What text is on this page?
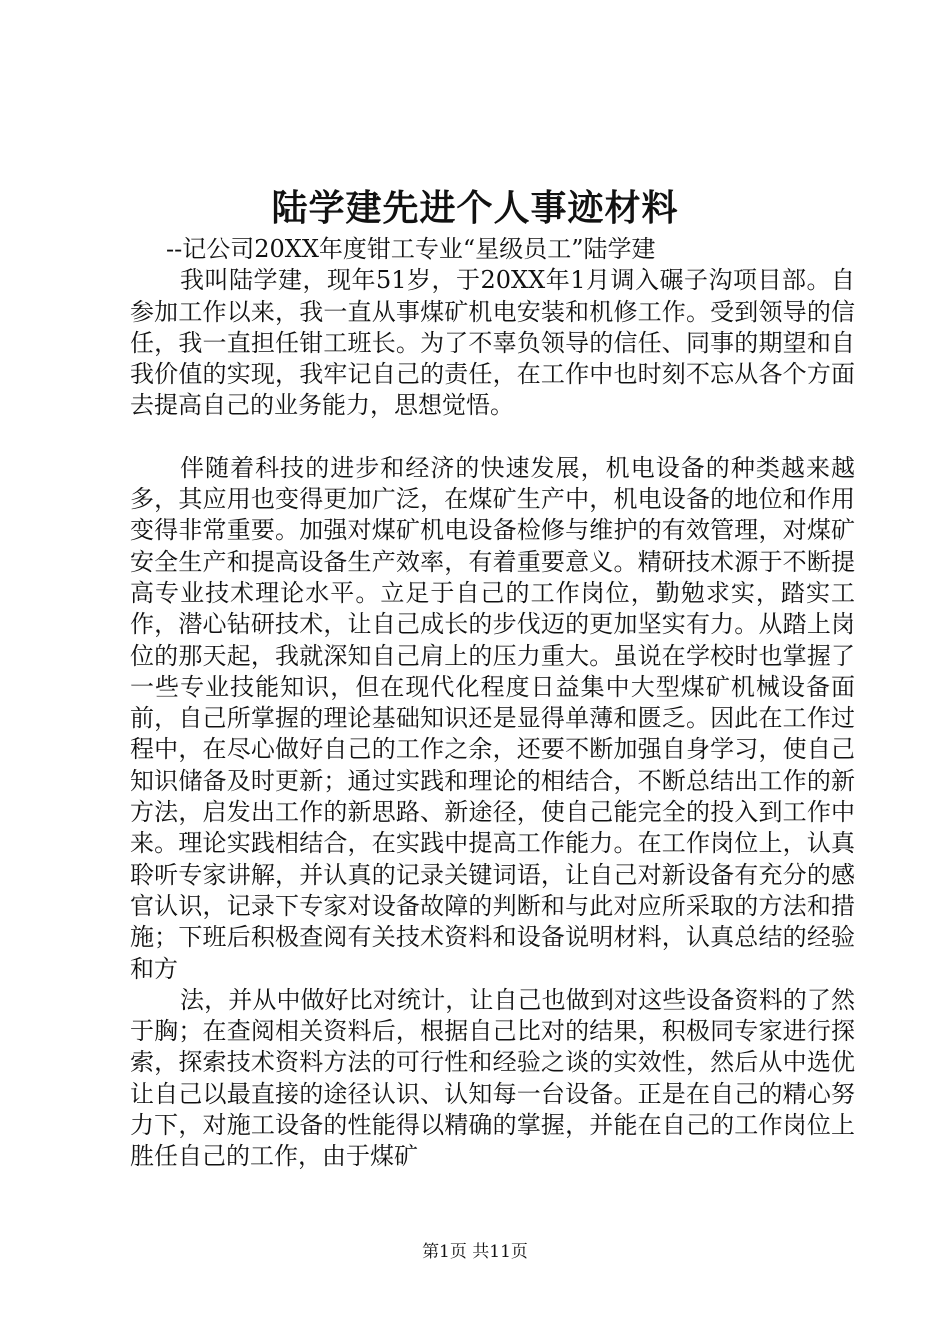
陆学建先进个人事迹材料

--记公司20XX年度钳工专业“星级员工”陆学建

我叫陆学建，现年51岁，于20XX年1月调入碾子沟项目部。自参加工作以来，我一直从事煤矿机电安装和机修工作。受到领导的信任，我一直担任钳工班长。为了不辜负领导的信任、同事的期望和自我价值的实现，我牢记自己的责任，在工作中也时刻不忘从各个方面去提高自己的业务能力，思想觉悟。

伴随着科技的进步和经济的快速发展，机电设备的种类越来越多，其应用也变得更加广泛，在煤矿生产中，机电设备的地位和作用变得非常重要。加强对煤矿机电设备检修与维护的有效管理，对煤矿安全生产和提高设备生产效率，有着重要意义。精研技术源于不断提高专业技术理论水平。立足于自己的工作岗位，勤勉求实，踏实工作，潜心钻研技术，让自己成长的步伐迈的更加坚实有力。从踏上岗位的那天起，我就深知自己肩上的压力重大。虽说在学校时也掌握了一些专业技能知识，但在现代化程度日益集中大型煤矿机械设备面前，自己所掌握的理论基础知识还是显得单薄和匮乏。因此在工作过程中，在尽心做好自己的工作之余，还要不断加强自身学习，使自己知识储备及时更新；通过实践和理论的相结合，不断总结出工作的新方法，启发出工作的新思路、新途径，使自己能完全的投入到工作中来。理论实践相结合，在实践中提高工作能力。在工作岗位上，认真聆听专家讲解，并认真的记录关键词语，让自己对新设备有充分的感官认识，记录下专家对设备故障的判断和与此对应所采取的方法和措施；下班后积极查阅有关技术资料和设备说明材料，认真总结的经验和方

法，并从中做好比对统计，让自己也做到对这些设备资料的了然于胸；在查阅相关资料后，根据自己比对的结果，积极同专家进行探索，探索技术资料方法的可行性和经验之谈的实效性，然后从中选优让自己以最直接的途径认识、认知每一台设备。正是在自己的精心努力下，对施工设备的性能得以精确的掌握，并能在自己的工作岗位上胜任自己的工作，由于煤矿

第1页 共11页
